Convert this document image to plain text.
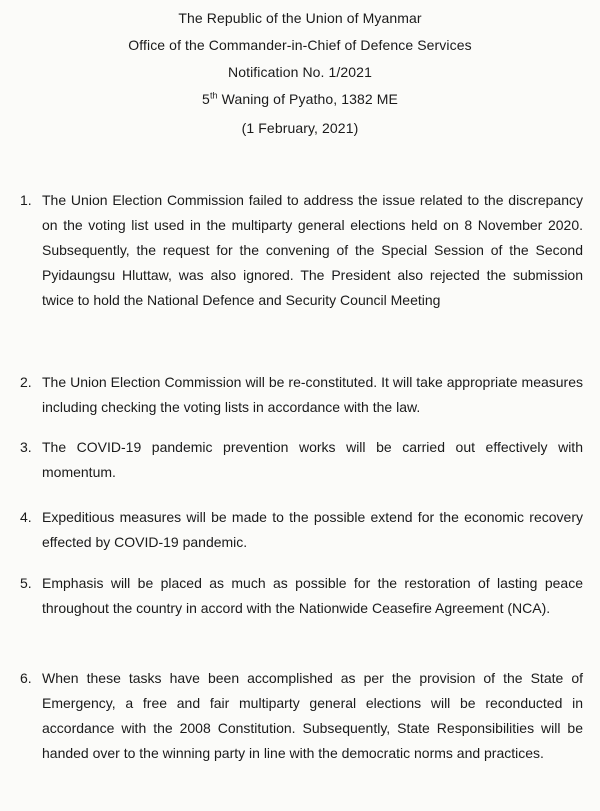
The Republic of the Union of Myanmar
Office of the Commander-in-Chief of Defence Services
Notification No. 1/2021
5th Waning of Pyatho, 1382 ME
(1 February, 2021)
1. The Union Election Commission failed to address the issue related to the discrepancy on the voting list used in the multiparty general elections held on 8 November 2020. Subsequently, the request for the convening of the Special Session of the Second Pyidaungsu Hluttaw, was also ignored. The President also rejected the submission twice to hold the National Defence and Security Council Meeting
2. The Union Election Commission will be re-constituted. It will take appropriate measures including checking the voting lists in accordance with the law.
3. The COVID-19 pandemic prevention works will be carried out effectively with momentum.
4. Expeditious measures will be made to the possible extend for the economic recovery effected by COVID-19 pandemic.
5. Emphasis will be placed as much as possible for the restoration of lasting peace throughout the country in accord with the Nationwide Ceasefire Agreement (NCA).
6. When these tasks have been accomplished as per the provision of the State of Emergency, a free and fair multiparty general elections will be reconducted in accordance with the 2008 Constitution. Subsequently, State Responsibilities will be handed over to the winning party in line with the democratic norms and practices.
